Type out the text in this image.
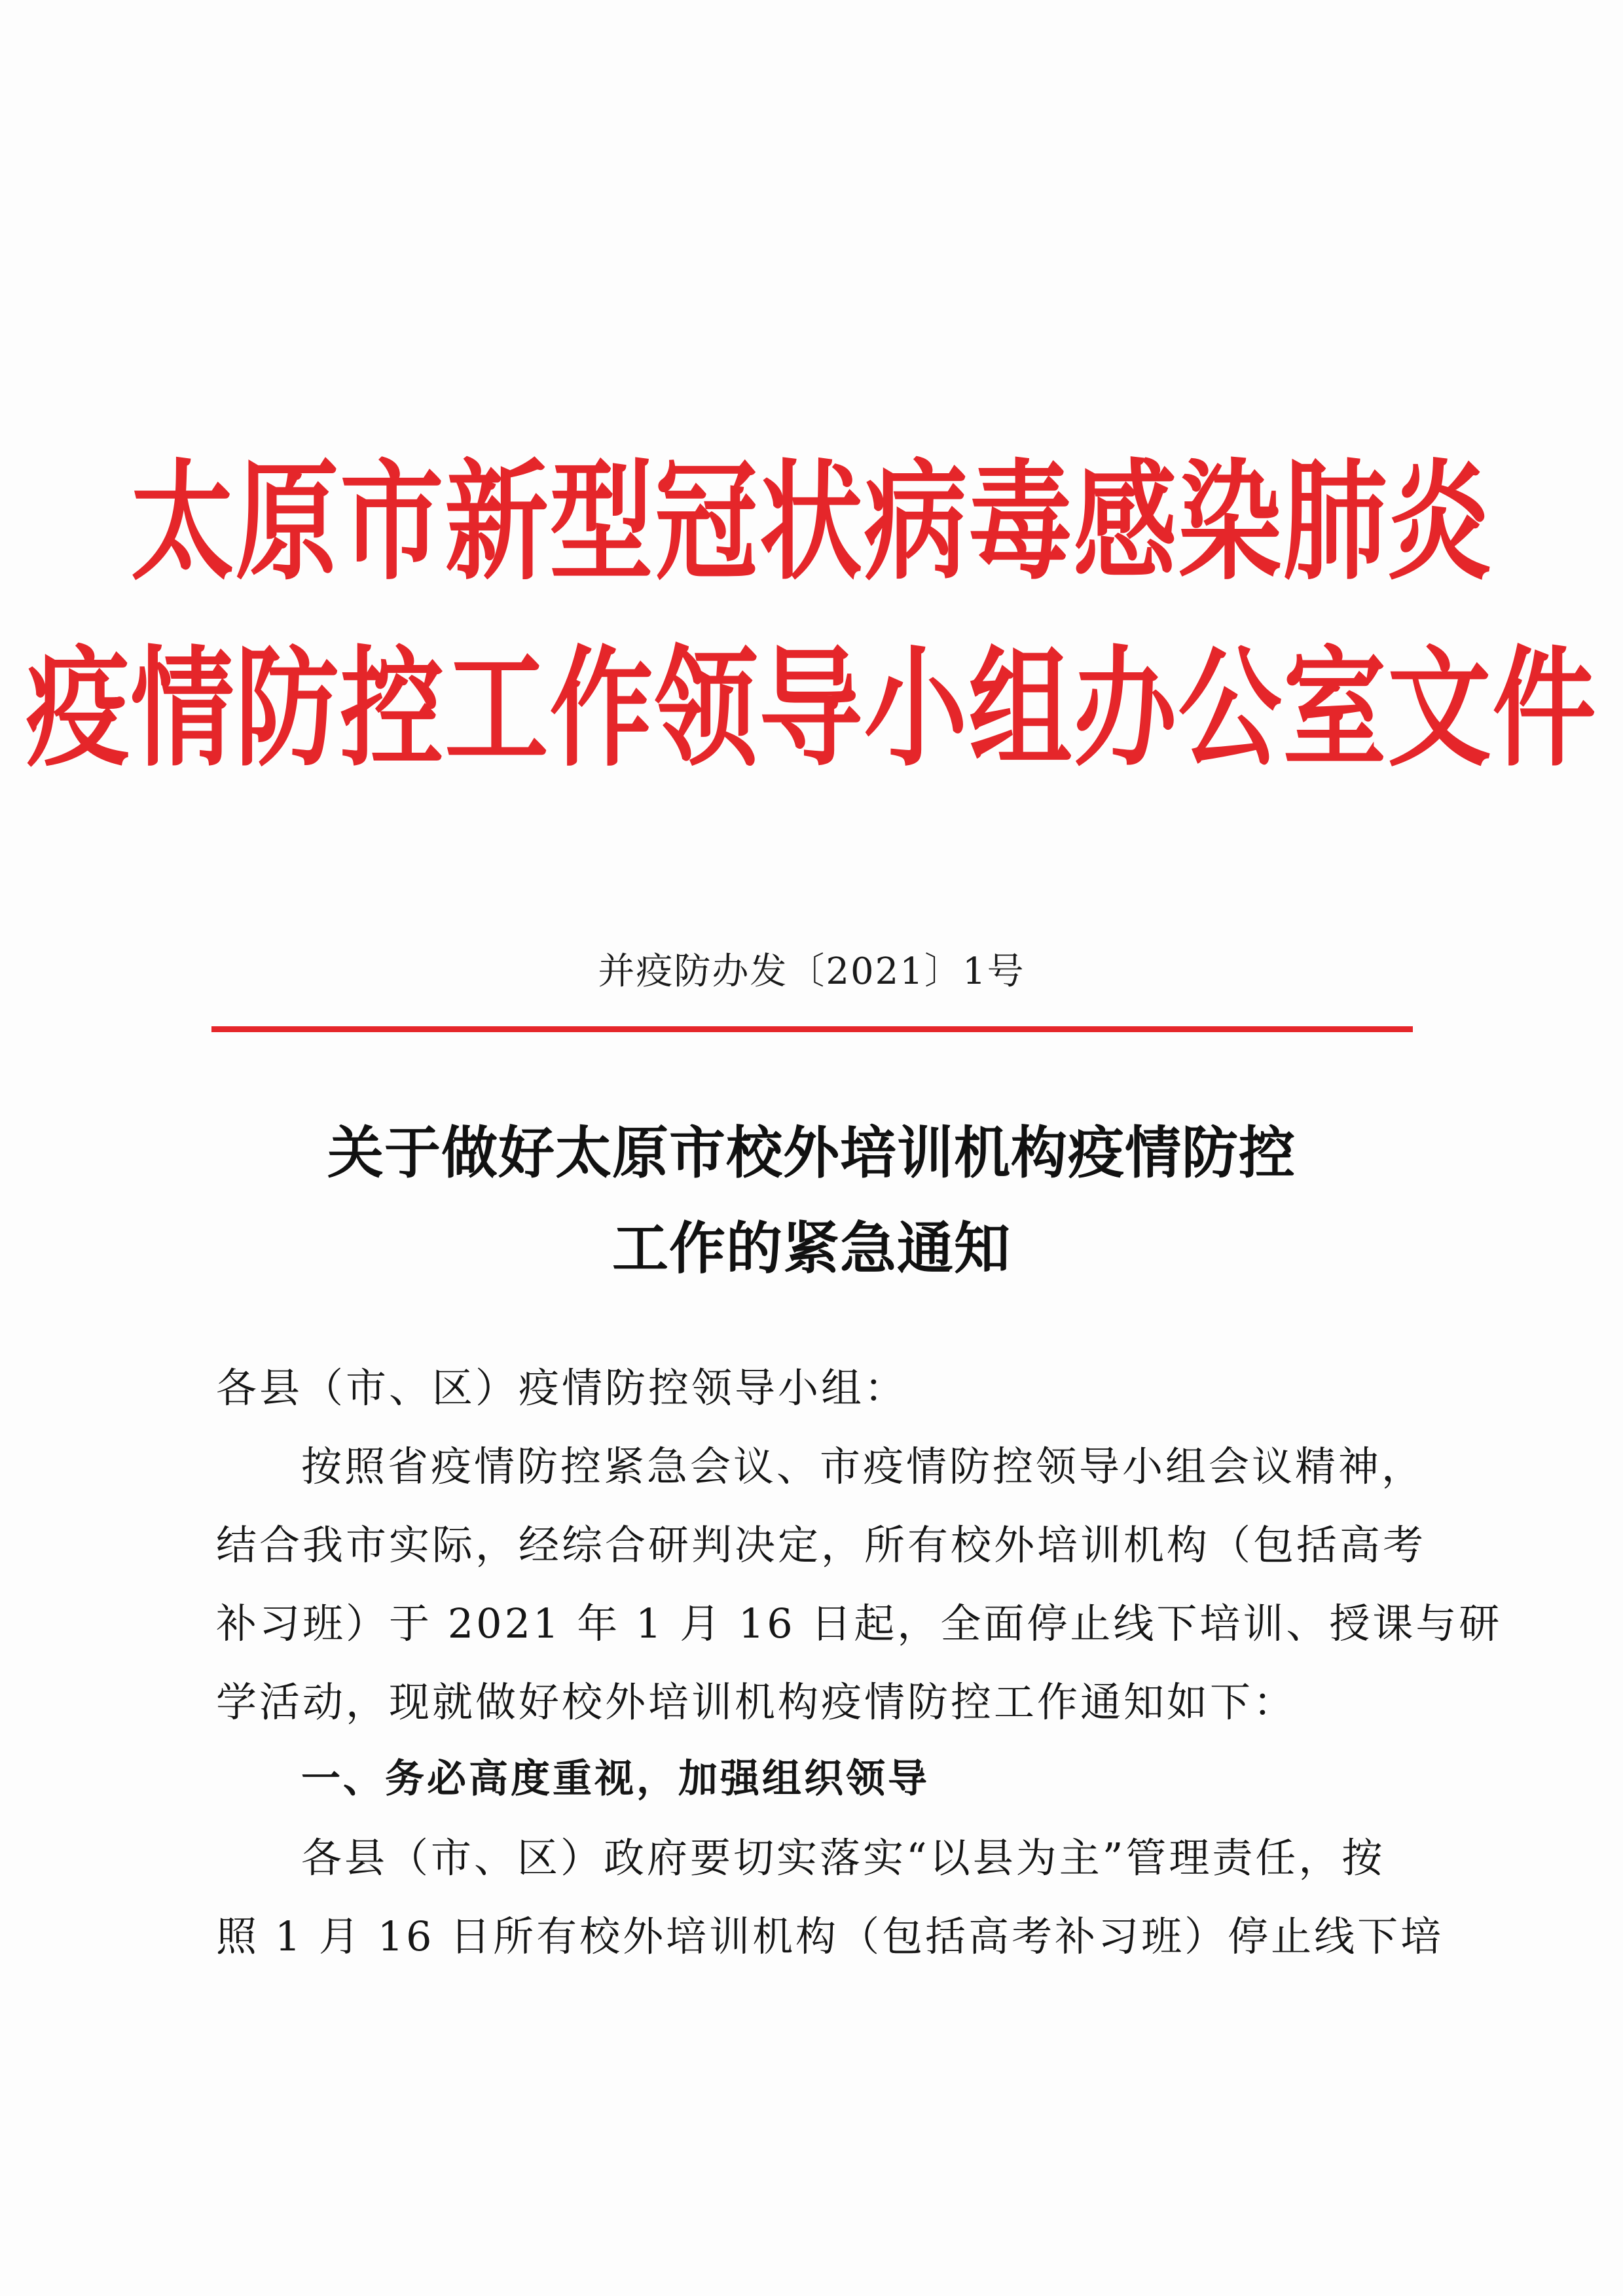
太原市新型冠状病毒感染肺炎
疫情防控工作领导小组办公室文件
并疫防办发〔2021〕1号
关于做好太原市校外培训机构疫情防控
工作的紧急通知
各县（市、区）疫情防控领导小组：
按照省疫情防控紧急会议、市疫情防控领导小组会议精神，
结合我市实际，经综合研判决定，所有校外培训机构（包括高考
补习班）于 2021 年 1 月 16 日起，全面停止线下培训、授课与研
学活动，现就做好校外培训机构疫情防控工作通知如下：
一、务必高度重视，加强组织领导
各县（市、区）政府要切实落实“以县为主”管理责任，按
照 1 月 16 日所有校外培训机构（包括高考补习班）停止线下培
